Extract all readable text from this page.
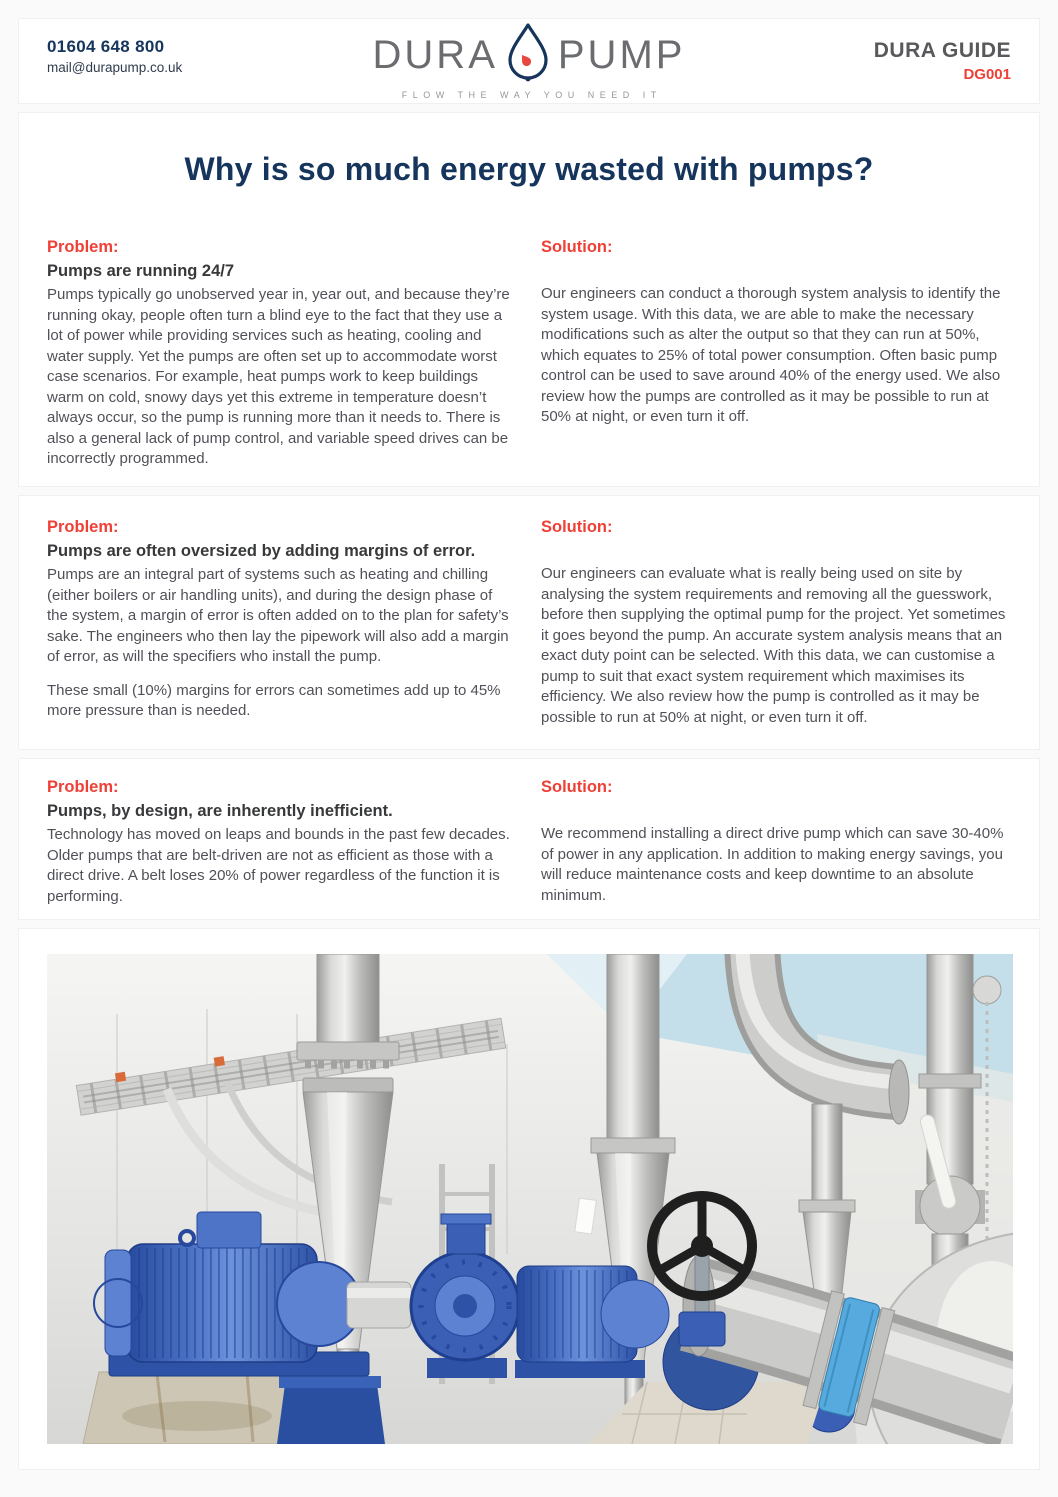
01604 648 800
mail@durapump.co.uk	DURA PUMP
FLOW THE WAY YOU NEED IT
DURA GUIDE
DG001
Why is so much energy wasted with pumps?
Problem:
Pumps are running 24/7

Pumps typically go unobserved year in, year out, and because they’re running okay, people often turn a blind eye to the fact that they use a lot of power while providing services such as heating, cooling and water supply. Yet the pumps are often set up to accommodate worst case scenarios. For example, heat pumps work to keep buildings warm on cold, snowy days yet this extreme in temperature doesn’t always occur, so the pump is running more than it needs to. There is also a general lack of pump control, and variable speed drives can be incorrectly programmed.

Solution:

Our engineers can conduct a thorough system analysis to identify the system usage. With this data, we are able to make the necessary modifications such as alter the output so that they can run at 50%, which equates to 25% of total power consumption. Often basic pump control can be used to save around 40% of the energy used. We also review how the pumps are controlled as it may be possible to run at 50% at night, or even turn it off.

Problem:
Pumps are often oversized by adding margins of error.

Pumps are an integral part of systems such as heating and chilling (either boilers or air handling units), and during the design phase of the system, a margin of error is often added on to the plan for safety’s sake. The engineers who then lay the pipework will also add a margin of error, as will the specifiers who install the pump.

These small (10%) margins for errors can sometimes add up to 45% more pressure than is needed.

Solution:

Our engineers can evaluate what is really being used on site by analysing the system requirements and removing all the guesswork, before then supplying the optimal pump for the project. Yet sometimes it goes beyond the pump. An accurate system analysis means that an exact duty point can be selected. With this data, we can customise a pump to suit that exact system requirement which maximises its efficiency. We also review how the pump is controlled as it may be possible to run at 50% at night, or even turn it off.

Problem:
Pumps, by design, are inherently inefficient.

Technology has moved on leaps and bounds in the past few decades. Older pumps that are belt-driven are not as efficient as those with a direct drive. A belt loses 20% of power regardless of the function it is performing.

Solution:

We recommend installing a direct drive pump which can save 30-40% of power in any application. In addition to making energy savings, you will reduce maintenance costs and keep downtime to an absolute minimum.
